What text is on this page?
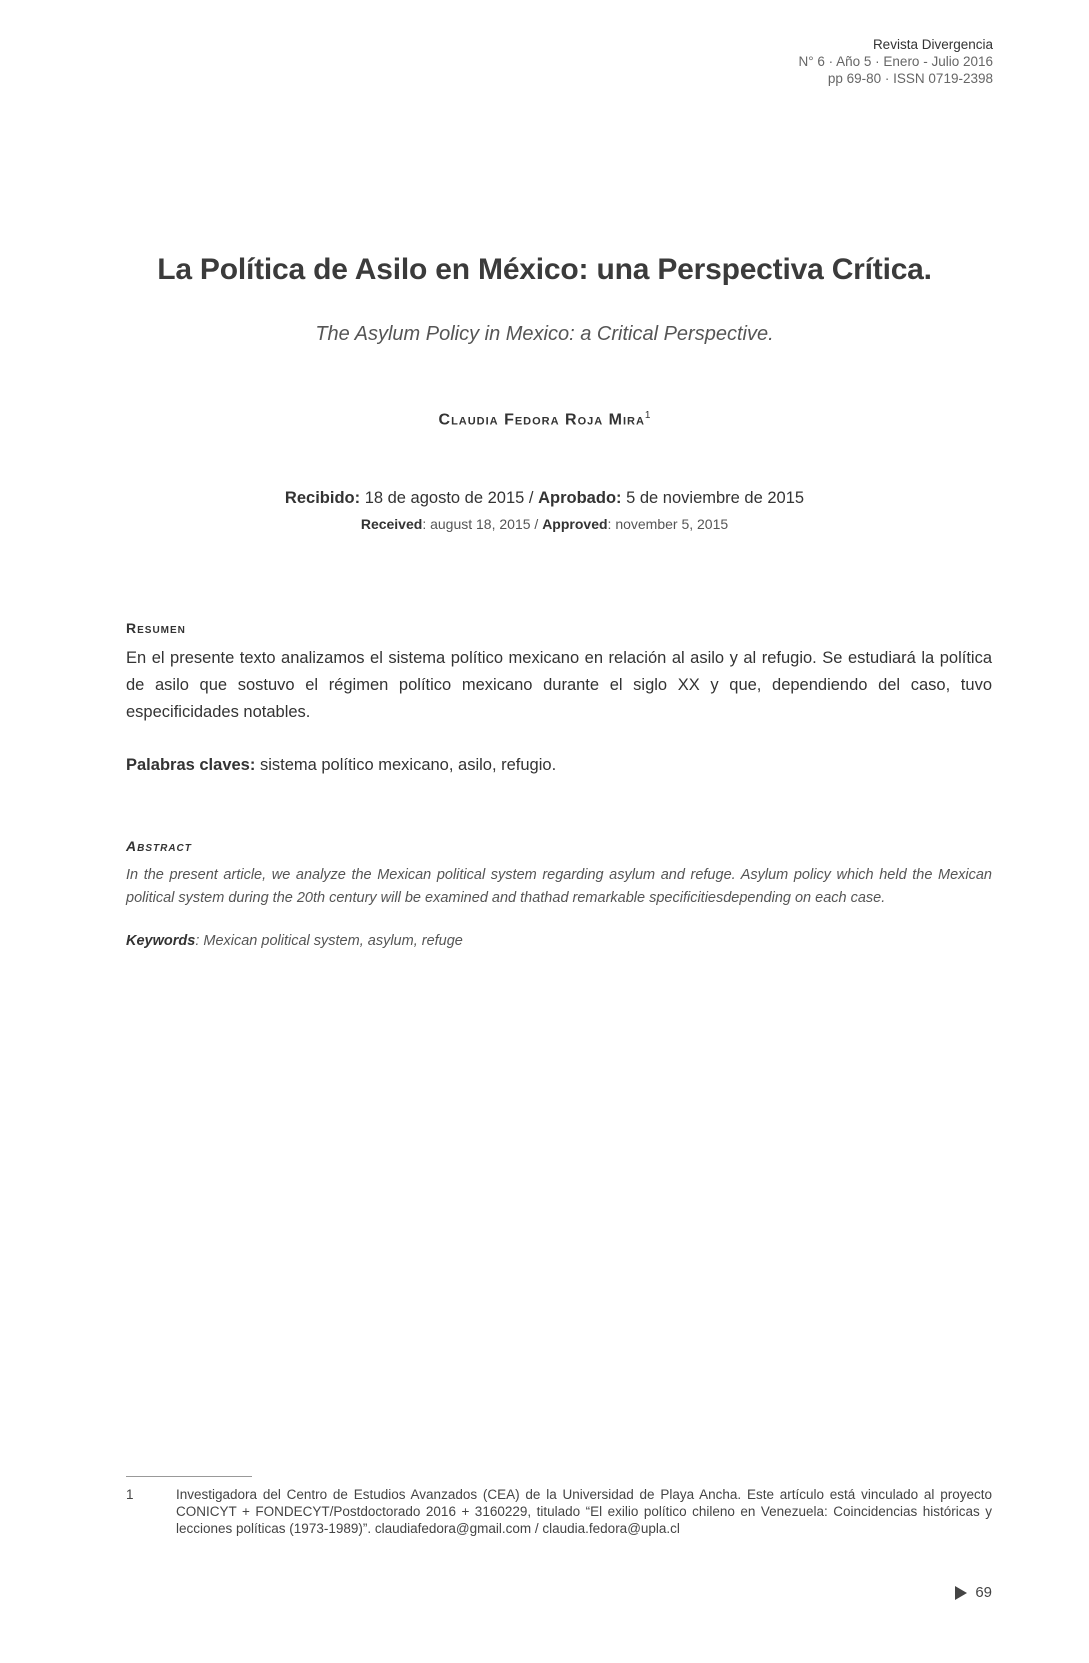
Revista Divergencia
N° 6 · Año 5 · Enero - Julio 2016
pp 69-80 · ISSN 0719-2398
La Política de Asilo en México: una Perspectiva Crítica.
The Asylum Policy in Mexico: a Critical Perspective.
Claudia Fedora Roja Mira$^1$
Recibido: 18 de agosto de 2015 / Aprobado: 5 de noviembre de 2015
Received: august 18, 2015 / Approved: november 5, 2015
Resumen
En el presente texto analizamos el sistema político mexicano en relación al asilo y al refugio. Se estudiará la política de asilo que sostuvo el régimen político mexicano durante el siglo XX y que, dependiendo del caso, tuvo especificidades notables.
Palabras claves: sistema político mexicano, asilo, refugio.
Abstract
In the present article, we analyze the Mexican political system regarding asylum and refuge. Asylum policy which held the Mexican political system during the 20th century will be examined and thathad remarkable specificitiesdepending on each case.
Keywords: Mexican political system, asylum, refuge
1	Investigadora del Centro de Estudios Avanzados (CEA) de la Universidad de Playa Ancha. Este artículo está vinculado al proyecto CONICYT + FONDECYT/Postdoctorado 2016 + 3160229, titulado “El exilio político chileno en Venezuela: Coincidencias históricas y lecciones políticas (1973-1989)”. claudiafedora@gmail.com / claudia.fedora@upla.cl
69
